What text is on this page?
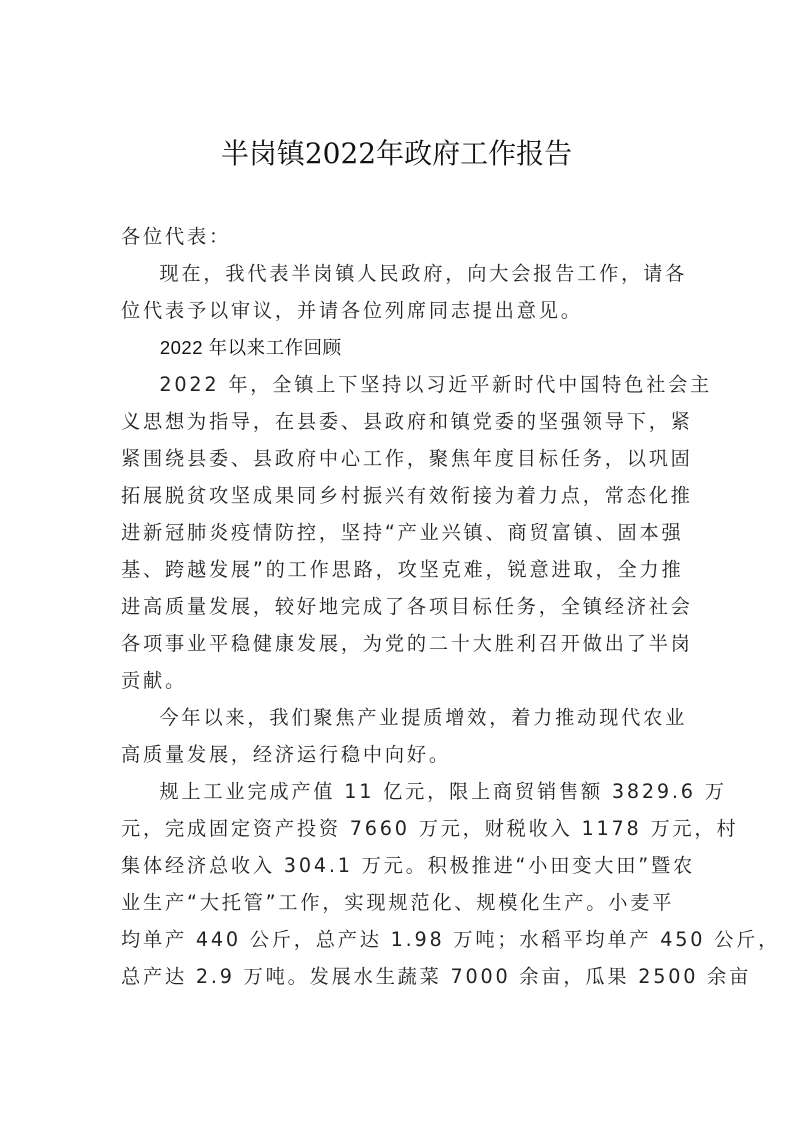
半岗镇2022年政府工作报告

各位代表：

现在，我代表半岗镇人民政府，向大会报告工作，请各
位代表予以审议，并请各位列席同志提出意见。

2022 年以来工作回顾

2022 年，全镇上下坚持以习近平新时代中国特色社会主
义思想为指导，在县委、县政府和镇党委的坚强领导下，紧
紧围绕县委、县政府中心工作，聚焦年度目标任务，以巩固
拓展脱贫攻坚成果同乡村振兴有效衔接为着力点，常态化推
进新冠肺炎疫情防控，坚持“产业兴镇、商贸富镇、固本强
基、跨越发展”的工作思路，攻坚克难，锐意进取，全力推
进高质量发展，较好地完成了各项目标任务，全镇经济社会
各项事业平稳健康发展，为党的二十大胜利召开做出了半岗
贡献。

今年以来，我们聚焦产业提质增效，着力推动现代农业
高质量发展，经济运行稳中向好。

规上工业完成产值 11 亿元，限上商贸销售额 3829.6 万
元，完成固定资产投资 7660 万元，财税收入 1178 万元，村
集体经济总收入 304.1 万元。积极推进“小田变大田”暨农
业生产“大托管”工作，实现规范化、规模化生产。小麦平
均单产 440 公斤，总产达 1.98 万吨；水稻平均单产 450 公斤，
总产达 2.9 万吨。发展水生蔬菜 7000 余亩，瓜果 2500 余亩
